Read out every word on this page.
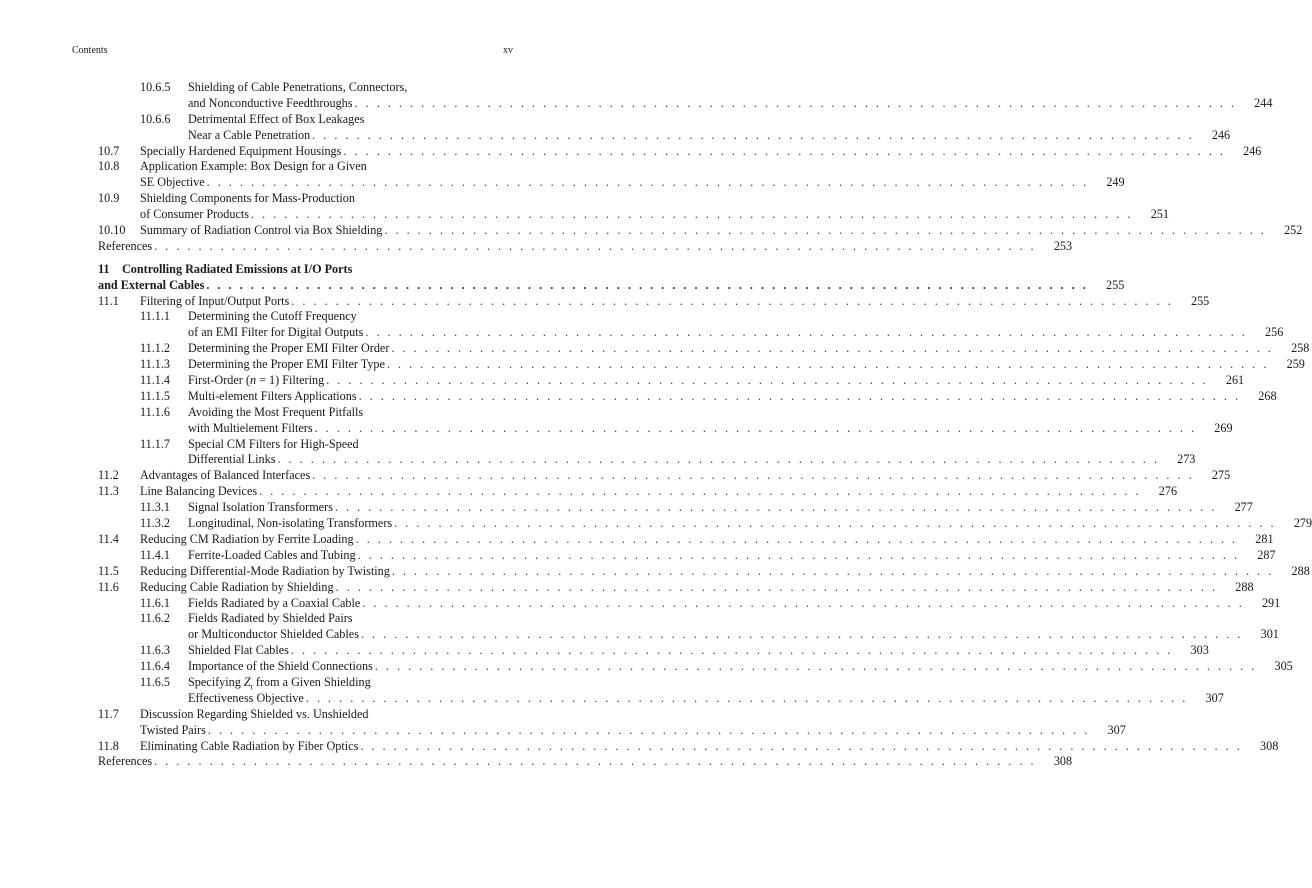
Contents	xv
10.6.5 Shielding of Cable Penetrations, Connectors,
and Nonconductive Feedthroughs . . . . . . . . . . . . . . . . . . . . . . . . . . . . . . . . . . . . . . . . . . . . . . . . . . . . . . . . . . . . . . . . . . . . . . . . . . . . . . . .	244
10.6.6 Detrimental Effect of Box Leakages
Near a Cable Penetration . . . . . . . . . . . . . . . . . . . . . . . . . . . . . . . . . . . . . . . . . . . . . . . . . . . . . . . . . . . . . . . . . . . . . . . . . . . . . . . .	246
10.7 Specially Hardened Equipment Housings . . . . . . . . . . . . . . . . . . . . . . . . . . . . . . . . . . . . . . . . . . . . . . . . . . . . . . . . . . . . . . . . . . . . . . . . . . . . . . . .	246
10.8 Application Example: Box Design for a Given
SE Objective . . . . . . . . . . . . . . . . . . . . . . . . . . . . . . . . . . . . . . . . . . . . . . . . . . . . . . . . . . . . . . . . . . . . . . . . . . . . . . . .	249
10.9 Shielding Components for Mass-Production
of Consumer Products . . . . . . . . . . . . . . . . . . . . . . . . . . . . . . . . . . . . . . . . . . . . . . . . . . . . . . . . . . . . . . . . . . . . . . . . . . . . . . . .	251
10.10 Summary of Radiation Control via Box Shielding . . . . . . . . . . . . . . . . . . . . . . . . . . . . . . . . . . . . . . . . . . . . . . . . . . . . . . . . . . . . . . . . . . . . . . . . . . . . . . . .	252
References . . . . . . . . . . . . . . . . . . . . . . . . . . . . . . . . . . . . . . . . . . . . . . . . . . . . . . . . . . . . . . . . . . . . . . . . . . . . . . . .	253
11 Controlling Radiated Emissions at I/O Ports
and External Cables . . . . . . . . . . . . . . . . . . . . . . . . . . . . . . . . . . . . . . . . . . . . . . . . . . . . . . . . . . . . . . . . . . . . . . . . . . . . . . . .	255
11.1 Filtering of Input/Output Ports . . . . . . . . . . . . . . . . . . . . . . . . . . . . . . . . . . . . . . . . . . . . . . . . . . . . . . . . . . . . . . . . . . . . . . . . . . . . . . . .	255
11.1.1 Determining the Cutoff Frequency
of an EMI Filter for Digital Outputs . . . . . . . . . . . . . . . . . . . . . . . . . . . . . . . . . . . . . . . . . . . . . . . . . . . . . . . . . . . . . . . . . . . . . . . . . . . . . . . .	256
11.1.2 Determining the Proper EMI Filter Order . . . . . . . . . . . . . . . . . . . . . . . . . . . . . . . . . . . . . . . . . . . . . . . . . . . . . . . . . . . . . . . . . . . . . . . . . . . . . . . .	258
11.1.3 Determining the Proper EMI Filter Type . . . . . . . . . . . . . . . . . . . . . . . . . . . . . . . . . . . . . . . . . . . . . . . . . . . . . . . . . . . . . . . . . . . . . . . . . . . . . . . .	259
11.1.4 First-Order (n = 1) Filtering . . . . . . . . . . . . . . . . . . . . . . . . . . . . . . . . . . . . . . . . . . . . . . . . . . . . . . . . . . . . . . . . . . . . . . . . . . . . . . . .	261
11.1.5 Multi-element Filters Applications . . . . . . . . . . . . . . . . . . . . . . . . . . . . . . . . . . . . . . . . . . . . . . . . . . . . . . . . . . . . . . . . . . . . . . . . . . . . . . . .	268
11.1.6 Avoiding the Most Frequent Pitfalls
with Multielement Filters . . . . . . . . . . . . . . . . . . . . . . . . . . . . . . . . . . . . . . . . . . . . . . . . . . . . . . . . . . . . . . . . . . . . . . . . . . . . . . . .	269
11.1.7 Special CM Filters for High-Speed
Differential Links . . . . . . . . . . . . . . . . . . . . . . . . . . . . . . . . . . . . . . . . . . . . . . . . . . . . . . . . . . . . . . . . . . . . . . . . . . . . . . . .	273
11.2 Advantages of Balanced Interfaces . . . . . . . . . . . . . . . . . . . . . . . . . . . . . . . . . . . . . . . . . . . . . . . . . . . . . . . . . . . . . . . . . . . . . . . . . . . . . . . .	275
11.3 Line Balancing Devices . . . . . . . . . . . . . . . . . . . . . . . . . . . . . . . . . . . . . . . . . . . . . . . . . . . . . . . . . . . . . . . . . . . . . . . . . . . . . . . .	276
11.3.1 Signal Isolation Transformers . . . . . . . . . . . . . . . . . . . . . . . . . . . . . . . . . . . . . . . . . . . . . . . . . . . . . . . . . . . . . . . . . . . . . . . . . . . . . . . .	277
11.3.2 Longitudinal, Non-isolating Transformers . . . . . . . . . . . . . . . . . . . . . . . . . . . . . . . . . . . . . . . . . . . . . . . . . . . . . . . . . . . . . . . . . . . . . . . . . . . . . . . .	279
11.4 Reducing CM Radiation by Ferrite Loading . . . . . . . . . . . . . . . . . . . . . . . . . . . . . . . . . . . . . . . . . . . . . . . . . . . . . . . . . . . . . . . . . . . . . . . . . . . . . . . .	281
11.4.1 Ferrite-Loaded Cables and Tubing . . . . . . . . . . . . . . . . . . . . . . . . . . . . . . . . . . . . . . . . . . . . . . . . . . . . . . . . . . . . . . . . . . . . . . . . . . . . . . . .	287
11.5 Reducing Differential-Mode Radiation by Twisting . . . . . . . . . . . . . . . . . . . . . . . . . . . . . . . . . . . . . . . . . . . . . . . . . . . . . . . . . . . . . . . . . . . . . . . . . . . . . . . .	288
11.6 Reducing Cable Radiation by Shielding . . . . . . . . . . . . . . . . . . . . . . . . . . . . . . . . . . . . . . . . . . . . . . . . . . . . . . . . . . . . . . . . . . . . . . . . . . . . . . . .	288
11.6.1 Fields Radiated by a Coaxial Cable . . . . . . . . . . . . . . . . . . . . . . . . . . . . . . . . . . . . . . . . . . . . . . . . . . . . . . . . . . . . . . . . . . . . . . . . . . . . . . . .	291
11.6.2 Fields Radiated by Shielded Pairs
or Multiconductor Shielded Cables . . . . . . . . . . . . . . . . . . . . . . . . . . . . . . . . . . . . . . . . . . . . . . . . . . . . . . . . . . . . . . . . . . . . . . . . . . . . . . . .	301
11.6.3 Shielded Flat Cables . . . . . . . . . . . . . . . . . . . . . . . . . . . . . . . . . . . . . . . . . . . . . . . . . . . . . . . . . . . . . . . . . . . . . . . . . . . . . . . .	303
11.6.4 Importance of the Shield Connections . . . . . . . . . . . . . . . . . . . . . . . . . . . . . . . . . . . . . . . . . . . . . . . . . . . . . . . . . . . . . . . . . . . . . . . . . . . . . . . .	305
11.6.5 Specifying $Z_t$ from a Given Shielding
Effectiveness Objective . . . . . . . . . . . . . . . . . . . . . . . . . . . . . . . . . . . . . . . . . . . . . . . . . . . . . . . . . . . . . . . . . . . . . . . . . . . . . . . .	307
11.7 Discussion Regarding Shielded vs. Unshielded
Twisted Pairs . . . . . . . . . . . . . . . . . . . . . . . . . . . . . . . . . . . . . . . . . . . . . . . . . . . . . . . . . . . . . . . . . . . . . . . . . . . . . . . .	307
11.8 Eliminating Cable Radiation by Fiber Optics . . . . . . . . . . . . . . . . . . . . . . . . . . . . . . . . . . . . . . . . . . . . . . . . . . . . . . . . . . . . . . . . . . . . . . . . . . . . . . . .	308
References . . . . . . . . . . . . . . . . . . . . . . . . . . . . . . . . . . . . . . . . . . . . . . . . . . . . . . . . . . . . . . . . . . . . . . . . . . . . . . . .	308
